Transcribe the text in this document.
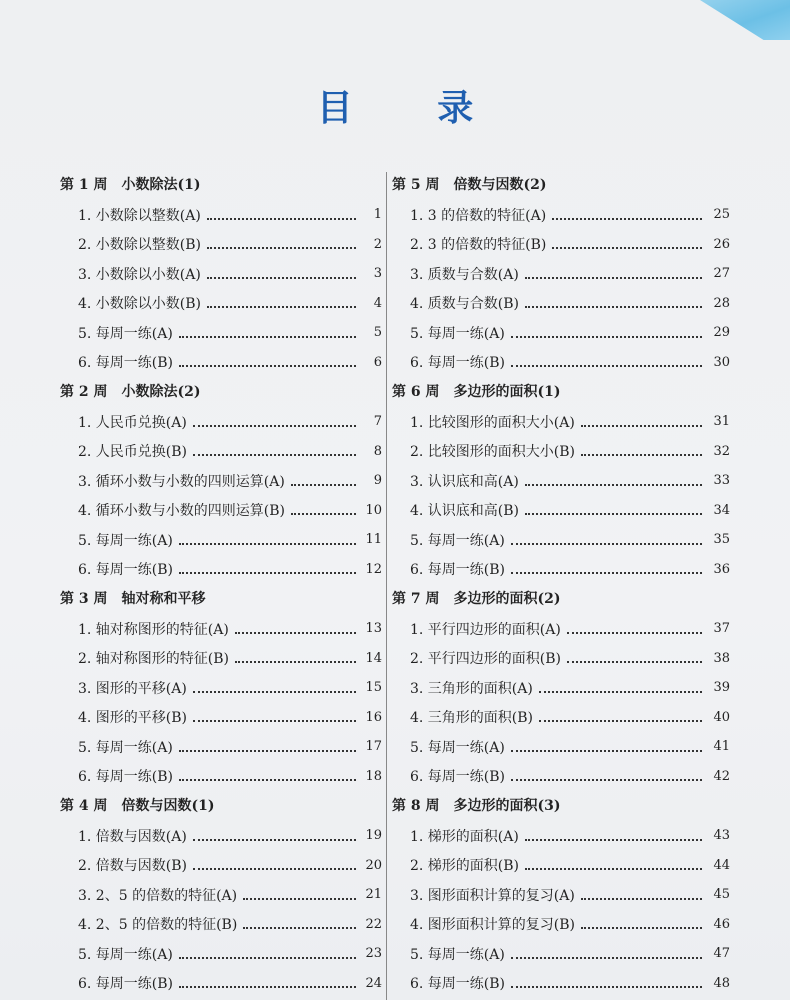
目 录
第 1 周　小数除法(1)
1. 小数除以整数(A)	1
2. 小数除以整数(B)	2
3. 小数除以小数(A)	3
4. 小数除以小数(B)	4
5. 每周一练(A)	5
6. 每周一练(B)	6
第 2 周　小数除法(2)
1. 人民币兑换(A)	7
2. 人民币兑换(B)	8
3. 循环小数与小数的四则运算(A)	9
4. 循环小数与小数的四则运算(B)	10
5. 每周一练(A)	11
6. 每周一练(B)	12
第 3 周　轴对称和平移
1. 轴对称图形的特征(A)	13
2. 轴对称图形的特征(B)	14
3. 图形的平移(A)	15
4. 图形的平移(B)	16
5. 每周一练(A)	17
6. 每周一练(B)	18
第 4 周　倍数与因数(1)
1. 倍数与因数(A)	19
2. 倍数与因数(B)	20
3. 2、5 的倍数的特征(A)	21
4. 2、5 的倍数的特征(B)	22
5. 每周一练(A)	23
6. 每周一练(B)	24
第 5 周　倍数与因数(2)
1. 3 的倍数的特征(A)	25
2. 3 的倍数的特征(B)	26
3. 质数与合数(A)	27
4. 质数与合数(B)	28
5. 每周一练(A)	29
6. 每周一练(B)	30
第 6 周　多边形的面积(1)
1. 比较图形的面积大小(A)	31
2. 比较图形的面积大小(B)	32
3. 认识底和高(A)	33
4. 认识底和高(B)	34
5. 每周一练(A)	35
6. 每周一练(B)	36
第 7 周　多边形的面积(2)
1. 平行四边形的面积(A)	37
2. 平行四边形的面积(B)	38
3. 三角形的面积(A)	39
4. 三角形的面积(B)	40
5. 每周一练(A)	41
6. 每周一练(B)	42
第 8 周　多边形的面积(3)
1. 梯形的面积(A)	43
2. 梯形的面积(B)	44
3. 图形面积计算的复习(A)	45
4. 图形面积计算的复习(B)	46
5. 每周一练(A)	47
6. 每周一练(B)	48
